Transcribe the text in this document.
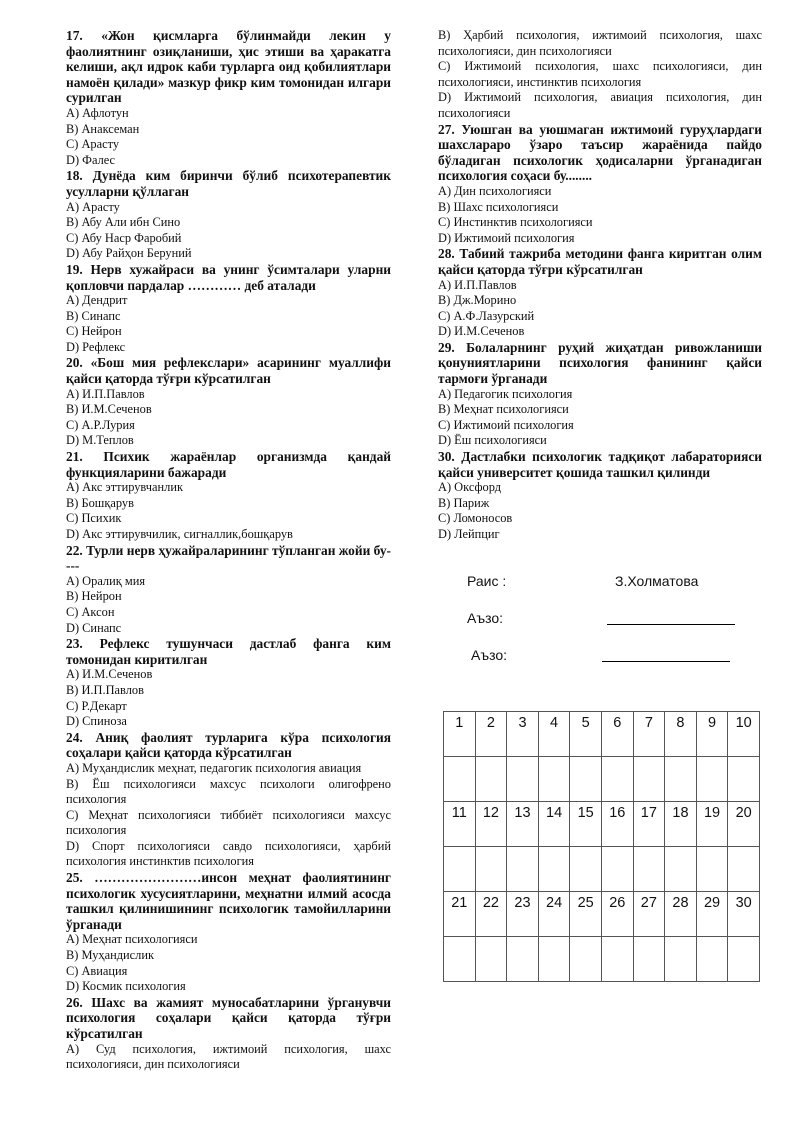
17. «Жон қисмларга бўлинмайди лекин у фаолиятнинг озиқланиши, ҳис этиши ва ҳаракатга келиши, ақл идрок каби турларга оид қобилиятлари намоён қилади» мазкур фикр ким томонидан илгари сурилган
A) Афлотун
B) Анаксеман
C) Арасту
D) Фалес
18. Дунёда ким биринчи бўлиб психотерапевтик усулларни қўллаган
A) Арасту
B) Абу Али ибн Сино
C) Абу Наср Фаробий
D) Абу Райҳон Беруний
19. Нерв хужайраси ва унинг ўсимталари уларни қопловчи пардалар ………… деб аталади
A) Дендрит
B) Синапс
C) Нейрон
D) Рефлекс
20. «Бош мия рефлекслари» асарининг муаллифи қайси қаторда тўғри кўрсатилган
A) И.П.Павлов
B) И.М.Сеченов
C) А.Р.Лурия
D) М.Теплов
21. Психик жараёнлар организмда қандай функцияларини бажаради
A) Акс эттирувчанлик
B) Бошқарув
C) Психик
D) Акс эттирувчилик, сигналлик,бошқарув
22. Турли нерв ҳужайраларининг тўпланган жойи бу----
A) Оралиқ мия
B) Нейрон
C) Аксон
D) Синапс
23. Рефлекс тушунчаси дастлаб фанга ким томонидан киритилган
A) И.М.Сеченов
B) И.П.Павлов
C) Р.Декарт
D) Спиноза
24. Аниқ фаолият турларига кўра психология соҳалари қайси қаторда кўрсатилган
A) Муҳандислик меҳнат, педагогик психология авиация
B) Ёш психологияси махсус психологи олигофрено психология
C) Меҳнат психологияси тиббиёт психологияси махсус психология
D) Спорт психологияси савдо психологияси, ҳарбий психология инстинктив психология
25. ……………………инсон меҳнат фаолиятининг психологик хусусиятларини, меҳнатни илмий асосда ташкил қилинишининг психологик тамойилларини ўрганади
A) Меҳнат психологияси
B) Муҳандислик
C) Авиация
D) Космик психология
26. Шахс ва жамият муносабатларини ўрганувчи психология соҳалари қайси қаторда тўғри кўрсатилган
A) Суд психология, ижтимоий психология, шахс психологияси, дин психологияси
B) Ҳарбий психология, ижтимоий психология, шахс психологияси, дин психологияси
C) Ижтимоий психология, шахс психологияси, дин психологияси, инстинктив психология
D) Ижтимоий психология, авиация психология, дин психологияси
27. Уюшган ва уюшмаган ижтимоий гуруҳлардаги шахслараро ўзаро таъсир жараёнида пайдо бўладиган психологик ҳодисаларни ўрганадиган психология соҳаси бу........
A) Дин психологияси
B) Шахс психологияси
C) Инстинктив психологияси
D) Ижтимоий психология
28. Табиий тажриба методини фанга киритган олим қайси қаторда тўғри кўрсатилган
A) И.П.Павлов
B) Дж.Морино
C) А.Ф.Лазурский
D) И.М.Сеченов
29. Болаларнинг руҳий жиҳатдан ривожланиши қонуниятларини психология фанининг қайси тармоғи ўрганади
A) Педагогик психология
B) Меҳнат психологияси
C) Ижтимоий психология
D) Ёш психологияси
30. Дастлабки психологик тадқиқот лабараторияси қайси университет қошида ташкил қилинди
A) Оксфорд
B) Париж
C) Ломоносов
D) Лейпциг
Раис :	З.Холматова
Аъзо:
Аъзо:
1	2	3	4	5	6	7	8	9	10

11	12	13	14	15	16	17	18	19	20

21	22	23	24	25	26	27	28	29	30
